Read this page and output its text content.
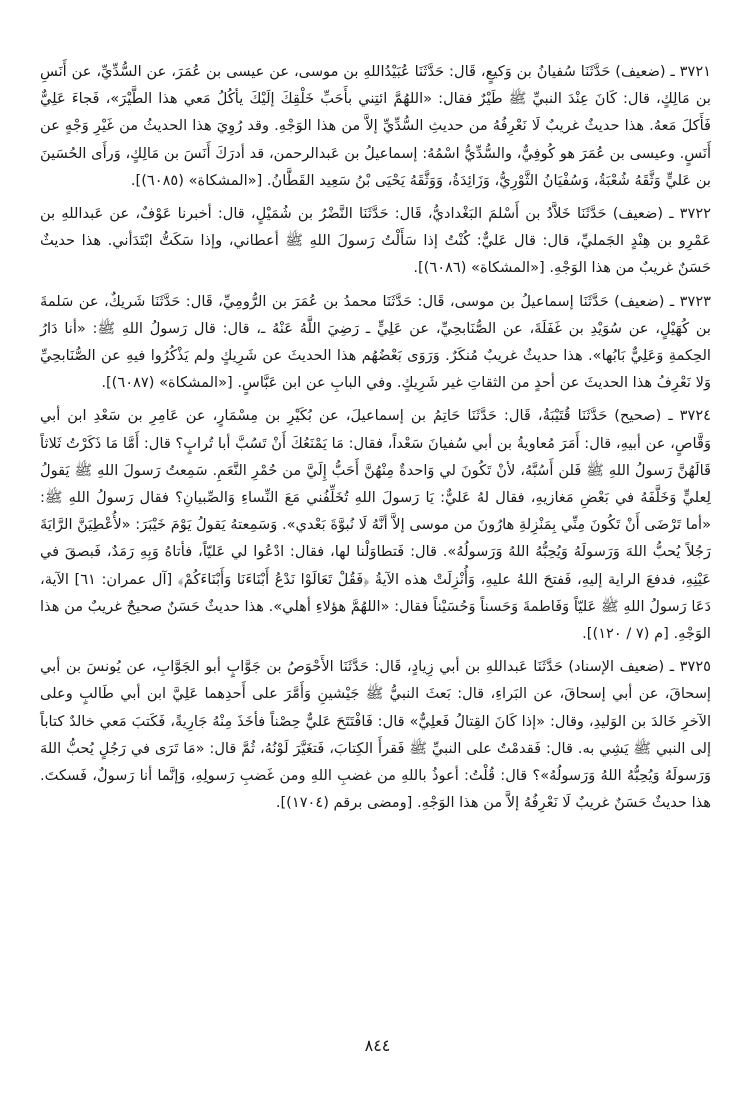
٣٧٢١ ـ (ضعيف) حَدَّثَنَا سُفيانُ بن وَكيعٍ، قَال: حَدَّثَنَا عُبَيْدُاللهِ بن موسى، عن عيسى بن عُمَرَ، عن السُّدِّيِّ، عن أَنَسِ بن مَالِكٍ، قال: كَانَ عِنْدَ النبيِّ ﷺ طَيْرٌ فقال: «اللهُمَّ ائتِني بأَحَبِّ خَلْقِكَ إلَيْكَ يأكُلُ مَعي هذا الطَّيْرَ»، فَجاءَ عَلِيٌّ فَأَكلَ مَعهُ. هذا حديثٌ غريبٌ لَا نَعْرِفُهُ من حديثِ السُّدِّيِّ إلاَّ من هذا الوَجْهِ. وقد رُوِيَ هذا الحديثُ من غَيْرِ وَجْهٍ عن أَنَسٍ. وعيسى بن عُمَرَ هو كُوفِيٌّ، والسُّدِّيُّ اسْمُهُ: إسماعيلُ بن عَبدالرحمن، قد أدرَكَ أَنَسَ بن مَالِكٍ، وَرأَى الحُسَينَ بن عَليٍّ وَثَّقَهُ شُعْبَةُ، وَسُفْيَانُ الثَّوْرِيُّ، وَزَائِدَةُ، وَوَثَّقَهُ يَحْيَى بْنُ سَعِيد القَطَّانُ. [«المشكاة» (٦٠٨٥)].

٣٧٢٢ ـ (ضعيف) حَدَّثَنَا خَلاَّدُ بن أَسْلمَ البَغْداديُّ، قَال: حَدَّثَنَا النَّضْرُ بن شُمَيْلٍ، قال: أخبرنا عَوْفٌ، عن عَبداللهِ بن عَمْرِو بن هِنْدٍ الجَمليِّ، قال: قال عَليٌّ: كُنْتُ إذا سَأَلْتُ رَسولَ اللهِ ﷺ أعطاني، وإذا سَكَتُّ ابْتَدَأني. هذا حديثٌ حَسَنٌ غريبٌ من هذا الوَجْهِ. [«المشكاة» (٦٠٨٦)].

٣٧٢٣ ـ (ضعيف) حَدَّثَنَا إسماعيلُ بن موسى، قَال: حَدَّثَنَا محمدُ بن عُمَرَ بن الرُّومِيِّ، قَال: حَدَّثَنَا شَريكٌ، عن سَلمةَ بن كُهَيْلٍ، عن سُوَيْدِ بن غَفَلَةَ، عن الصُّنَابحِيِّ، عن عَلِيٍّ ـ رَضِيَ اللَّهُ عَنْهُ ـ، قال: قال رَسولُ اللهِ ﷺ: «أنا دَارُ الحِكمةِ وَعَلِيٌّ بَابُها». هذا حديثٌ غريبٌ مُنكَرٌ. وَرَوَى بَعْضُهُم هذا الحديثَ عن شَرِيكٍ ولم يَذْكُرُوا فيهِ عن الصُّنَابحِيِّ وَلا نَعْرِفُ هذا الحديثَ عن أحدٍ من الثقاتِ غير شَرِيكٍ. وفي البابِ عن ابن عَبَّاسٍ. [«المشكاة» (٦٠٨٧)].

٣٧٢٤ ـ (صحيح) حَدَّثَنَا قُتَيْبَةُ، قَال: حَدَّثَنَا حَاتِمُ بن إسماعيلَ، عن بُكَيْرِ بن مِسْمَارٍ، عن عَامِرِ بن سَعْدِ ابن أبي وَقَّاصٍ، عن أبيهِ، قال: أَمَرَ مُعاويةُ بن أبي سُفيانَ سَعْداً، فقال: مَا يَمْنَعُكَ أَنْ تَسُبَّ أبا تُرابٍ؟ قال: أَمَّا مَا ذَكَرْتُ ثَلاثاً قَالَهُنَّ رَسولُ اللهِ ﷺ فَلن أَسُبَّهُ، لأنْ تَكُونَ لي وَاحدةٌ مِنْهُنَّ أَحَبُّ إِلَيَّ من حُمْرِ النَّعَمِ. سَمِعتُ رَسولَ اللهِ ﷺ يَقولُ لِعليٍّ وَخَلَّفَهُ في بَعْضِ مَغازيهِ، فقال لهُ عَليٌّ: يَا رَسولَ اللهِ تُخَلِّفُني مَعَ النِّساءِ وَالصِّبيانِ؟ فقال رَسولُ اللهِ ﷺ: «أما تَرْضَى أَنْ تَكُونَ مِنِّي بِمَنْزِلةِ هارُونَ من موسى إلاَّ أنَّهُ لَا نُبوَّةَ بَعْدي». وَسَمِعتهُ يَقولُ يَوْمَ خَيْبَرَ: «لأُعْطِيَنَّ الرَّايَةَ رَجُلاً يُحبُّ اللهَ وَرَسولَهُ وَيُحِبُّهُ اللهُ وَرَسولُهُ». قال: فَتطاوَلْنا لها، فقال: ادْعُوا لي عَليّاً، فأتاهُ وَبِهِ رَمَدٌ، فَبصقَ في عَيْنِهِ، فدفعَ الراية إليهِ، فَفتحَ اللهُ عليهِ، وَأُنْزِلَتْ هذه الآيةُ ﴿فَقُلْ تَعَالَوْا نَدْعُ أَبْنَاءَنَا وَأَبْنَاءَكُمْ﴾ [آل عمران: ٦١] الآية، دَعَا رَسولُ اللهِ ﷺ عَليّاً وَفَاطمةَ وَحَسناً وَحُسَيْناً فقال: «اللهُمَّ هؤلاءِ أهلي». هذا حديثٌ حَسَنٌ صحيحٌ غريبٌ من هذا الوَجْهِ. [م (٧ / ١٢٠)].

٣٧٢٥ ـ (ضعيف الإسناد) حَدَّثَنَا عَبداللهِ بن أبي زِيادٍ، قَال: حَدَّثَنَا الأَحْوَصُ بن جَوَّابٍ أبو الجَوَّابِ، عن يُونسَ بن أبي إسحاقَ، عن أبي إسحاقَ، عن البَراءِ، قال: بَعثَ النبيُّ ﷺ جَيْشينِ وَأَمَّرَ على أَحدِهما عَلِيَّ ابن أبي طَالبٍ وعلى الآخرِ خَالدَ بن الوَليدِ، وقال: «إذا كَانَ القِتالُ فَعلِيٌّ» قال: فَافْتَتَحَ عَليٌّ حِصْناً فأخَذَ مِنْهُ جَارِيةً، فَكَتبَ مَعي خالدٌ كتاباً إلى النبي ﷺ يَشِي به. قال: فَقدمْتُ على النبيِّ ﷺ فَقرأَ الكِتابَ، فَتغَيَّرَ لَوْنُهُ، ثُمَّ قال: «مَا تَرَى في رَجُلٍ يُحبُّ اللهَ وَرَسولَهُ وَيُحِبُّهُ اللهُ وَرَسولُهُ»؟ قال: قُلْتُ: أعوذُ باللهِ من غضبِ اللهِ ومن غَضبِ رَسولِهِ، وَإنَّما أنا رَسولٌ، فَسكتَ. هذا حديثٌ حَسَنٌ غريبٌ لَا نَعْرِفُهُ إلاَّ من هذا الوَجْهِ. [ومضى برقم (١٧٠٤)].

٨٤٤
